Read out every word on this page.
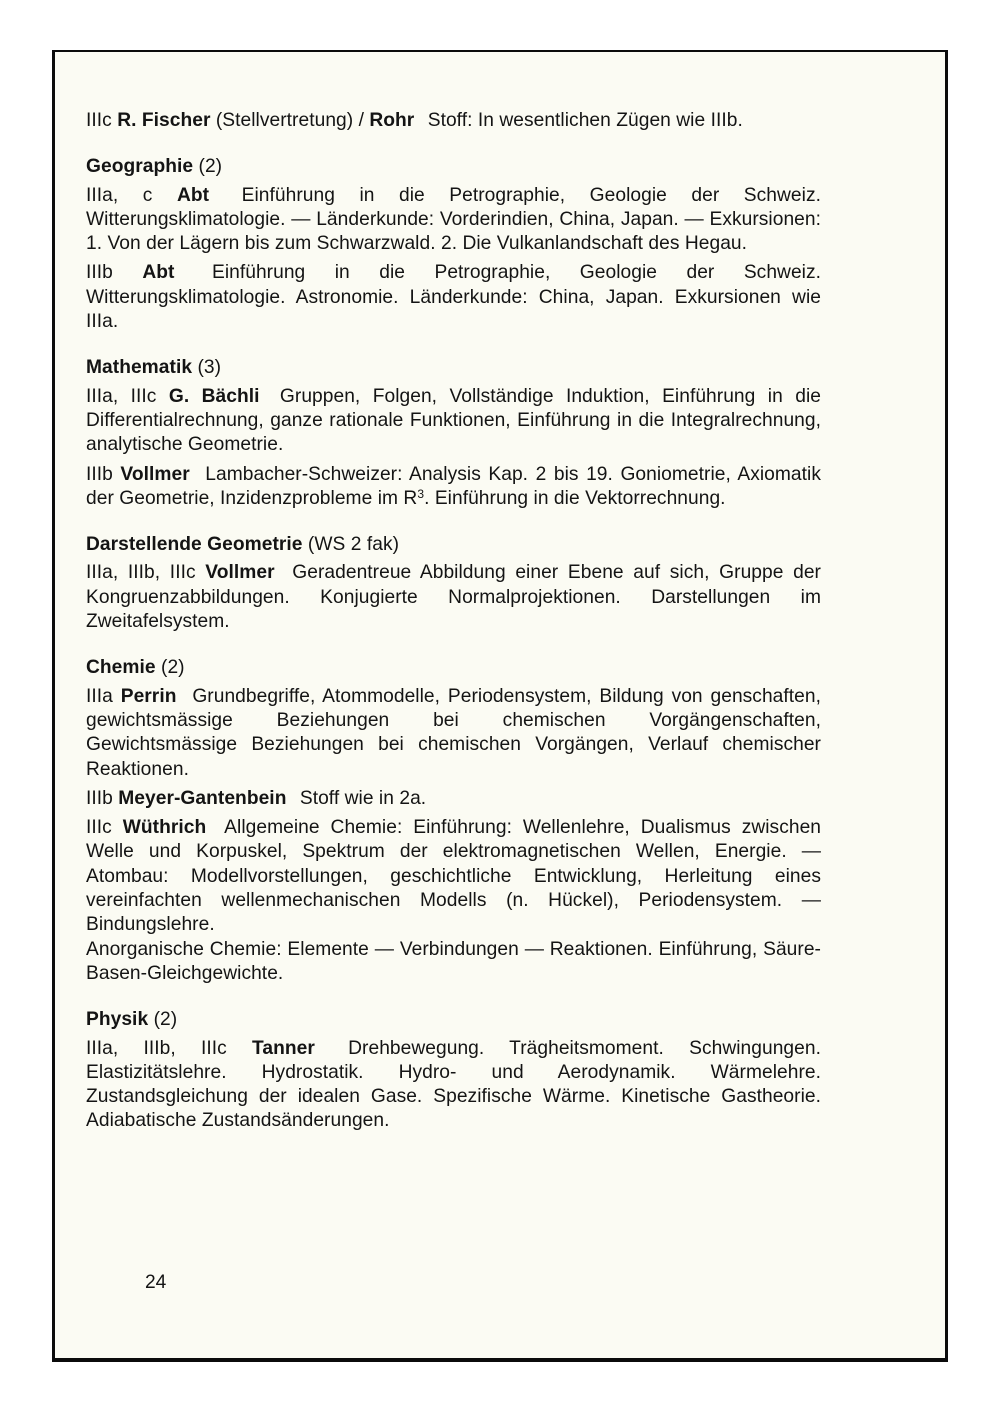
IIIc R. Fischer (Stellvertretung) / Rohr Stoff: In wesentlichen Zügen wie IIIb.

Geographie (2)

IIIa, c Abt Einführung in die Petrographie, Geologie der Schweiz. Witterungsklimatologie. — Länderkunde: Vorderindien, China, Japan. — Exkursionen: 1. Von der Lägern bis zum Schwarzwald. 2. Die Vulkanlandschaft des Hegau.

IIIb Abt Einführung in die Petrographie, Geologie der Schweiz. Witterungsklimatologie. Astronomie. Länderkunde: China, Japan. Exkursionen wie IIIa.

Mathematik (3)

IIIa, IIIc G. Bächli Gruppen, Folgen, Vollständige Induktion, Einführung in die Differentialrechnung, ganze rationale Funktionen, Einführung in die Integralrechnung, analytische Geometrie.

IIIb Vollmer Lambacher-Schweizer: Analysis Kap. 2 bis 19. Goniometrie, Axiomatik der Geometrie, Inzidenzprobleme im $R^3$. Einführung in die Vektorrechnung.

Darstellende Geometrie (WS 2 fak)

IIIa, IIIb, IIIc Vollmer Geradentreue Abbildung einer Ebene auf sich, Gruppe der Kongruenzabbildungen. Konjugierte Normalprojektionen. Darstellungen im Zweitafelsystem.

Chemie (2)

IIIa Perrin Grundbegriffe, Atommodelle, Periodensystem, Bildung von genschaften, gewichtsmässige Beziehungen bei chemischen Vorgängenschaften, Gewichtsmässige Beziehungen bei chemischen Vorgängen, Verlauf chemischer Reaktionen.

IIIb Meyer-Gantenbein Stoff wie in 2a.

IIIc Wüthrich Allgemeine Chemie: Einführung: Wellenlehre, Dualismus zwischen Welle und Korpuskel, Spektrum der elektromagnetischen Wellen, Energie. — Atombau: Modellvorstellungen, geschichtliche Entwicklung, Herleitung eines vereinfachten wellenmechanischen Modells (n. Hückel), Periodensystem. — Bindungslehre.
Anorganische Chemie: Elemente — Verbindungen — Reaktionen. Einführung, Säure-Basen-Gleichgewichte.

Physik (2)

IIIa, IIIb, IIIc Tanner Drehbewegung. Trägheitsmoment. Schwingungen. Elastizitätslehre. Hydrostatik. Hydro- und Aerodynamik. Wärmelehre. Zustandsgleichung der idealen Gase. Spezifische Wärme. Kinetische Gastheorie. Adiabatische Zustandsänderungen.

24
